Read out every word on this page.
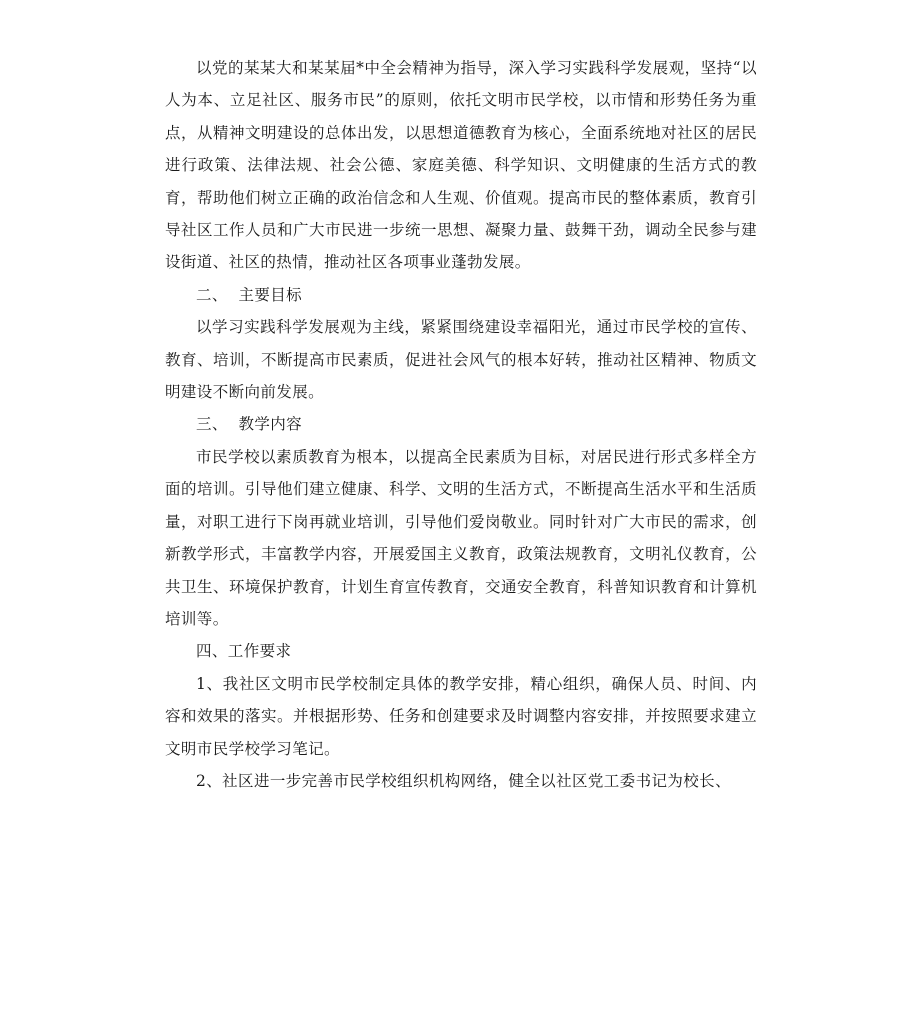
以党的某某大和某某届*中全会精神为指导，深入学习实践科学发展观，坚持“以人为本、立足社区、服务市民”的原则，依托文明市民学校，以市情和形势任务为重点，从精神文明建设的总体出发，以思想道德教育为核心，全面系统地对社区的居民进行政策、法律法规、社会公德、家庭美德、科学知识、文明健康的生活方式的教育，帮助他们树立正确的政治信念和人生观、价值观。提高市民的整体素质，教育引导社区工作人员和广大市民进一步统一思想、凝聚力量、鼓舞干劲，调动全民参与建设街道、社区的热情，推动社区各项事业蓬勃发展。

二、  主要目标

以学习实践科学发展观为主线，紧紧围绕建设幸福阳光，通过市民学校的宣传、教育、培训，不断提高市民素质，促进社会风气的根本好转，推动社区精神、物质文明建设不断向前发展。

三、  教学内容

市民学校以素质教育为根本，以提高全民素质为目标，对居民进行形式多样全方面的培训。引导他们建立健康、科学、文明的生活方式，不断提高生活水平和生活质量，对职工进行下岗再就业培训，引导他们爱岗敬业。同时针对广大市民的需求，创新教学形式，丰富教学内容，开展爱国主义教育，政策法规教育，文明礼仪教育，公共卫生、环境保护教育，计划生育宣传教育，交通安全教育，科普知识教育和计算机培训等。

四、工作要求

1、我社区文明市民学校制定具体的教学安排，精心组织，确保人员、时间、内容和效果的落实。并根据形势、任务和创建要求及时调整内容安排，并按照要求建立文明市民学校学习笔记。

2、社区进一步完善市民学校组织机构网络，健全以社区党工委书记为校长、
